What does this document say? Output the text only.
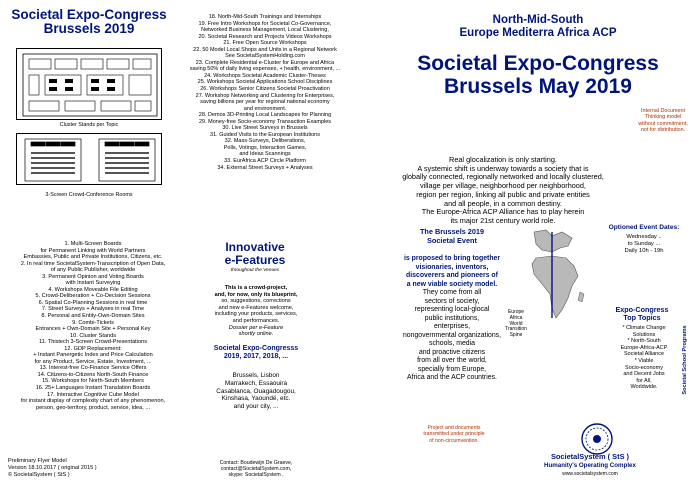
Societal Expo-Congress
Brussels 2019
Cluster Stands per Topic
3-Screen Crowd-Conference Rooms
1. Multi-Screen Boards
for Permanent Linking with World Partners
Embassies, Public and Private Institutions, Citizens, etc.
2. In real time SocietalSystem-Transcription of Open Data,
of any Public Publisher, worldwide
3. Permanent Opinion and Voting Boards
with Instant Surveying
4. Workshops Moveable File Editing
5. Crowd-Deliberation + Co-Decision Sessions
6. Spatial Co-Planning Sessions in real time
7. Street Surveys + Analyses in real Time
8. Personal and Entity-Own-Domain Sites
9. Combi-Tickets
Entrances + Own-Domain Site + Personal Key
10. Cluster Stands
11. Thistech 3-Screen Crowd-Presentations
12. GDP Replacement:
+ Instant Panergetic Index and Price Calculation
for any Product, Service, Estate, Investment, ...
13. Interest-free Co-Finance Service Offers
14. Citizens-to-Citizens North-South Finance
15. Workshops for North-South Members
16. 25+ Languages Instant Translation Boards
17. Interactive Cognitive Cube Model
for instant display of complexity chart of any phenomenon,
person, geo-territory, product, service, idea, ...
Preliminary Flyer Model
Version 18.10.2017 ( original 2015 )
© SocietalSystem ( StS )
18. North-Mid-South Trainings and Internships
19. Free Intro Workshops for Societal Co-Governance,
Networked Business Management, Local Clustering,
20. Societal Research and Projects Videos Workshops
21. Free Open Source Workshops
22. 50 Model Local Shops and Units in a Regional Network
See SocietalSystemHolding.com
23. Complete Residential e-Cluster for Europe and Africa
saving 50% of daily living expenses, + health, environment, ...
24. Workshops Societal Academic Cluster-Theses
25. Workshops Societal Applications School Disciplines
26. Workshops Senior Citizens Societal Proactivation
27. Workshop Networking and Clustering for Enterprises,
saving billions per year for regional national economy
and environment.
28. Demos 3D-Printing Local Landscapes for Planning
29. Money-free Socio-economy Transaction Examples
30. Live Street Surveys in Brussels
31. Guided Visits to the European Institutions
32. Mass-Surveys, Deliberations,
Polls, Votings, Interaction Games,
and Ideas Scannings
33. EurAfrica ACP Circle Platform
34. External Street Surveys + Analyses
Innovative
e-Features
throughout the Venues
This is a crowd-project,
and, for now, only its blueprint,
so, suggestions, corrections
and new e-Features welcome,
including your products, services,
and performances.
Dossier per e-Feature
shortly online.
Societal Expo-Congresss
2019, 2017, 2018, ...
Brussels, Lisbon
Marrakech, Essaouira
Casablanca, Ouagadougou,
Kinshasa, Yaoundé, etc.
and your city, ...
Contact: Boudewijn De Graeve,
contact@SocietalSystem.com,
skype: SocietalSystem .
North-Mid-South
Europe Mediterra Africa ACP
Societal Expo-Congress
Brussels May 2019
Internal Document
Thinking model
without commitment,
not for distribution.
Real glocalization is only starting.
A systemic shift is underway towards a society that is
globally connected, regionally networked and locally clustered,
village per village, neighborhood per neighborhood,
region per region, linking all public and private entities
and all people, in a common destiny.
The Europe-Africa ACP Alliance has to play herein
its major 21st century world role.
The Brussels 2019
Societal Event
is proposed to bring together
visionaries, inventors,
discoverers and pioneers of
a new viable society model.
They come from all
sectors of society,
representing local-glocal
public institutions,
enterprises,
nongovernmental organizations,
schools, media
and proactive citizens
from all over the world,
specially from Europe,
Africa and the ACP countries.
Europe
Africa
World
Transition
Spine
Optioned Event Dates:
Wednesday ..
to Sunday ...
Daily 10h - 19h
Expo-Congress
Top Topics
* Climate Change
Solutions
* North-South
Europe-Africa-ACP
Societal Alliance
* Viable
Socio-economy
and Decent Jobs
for All,
Worldwide.	Societal School Programs
Project and documents
transmitted under principle
of non-circumvention.
SocietalSystem ( StS )
Humanity's Operating Complex
www.societalsystem.com
